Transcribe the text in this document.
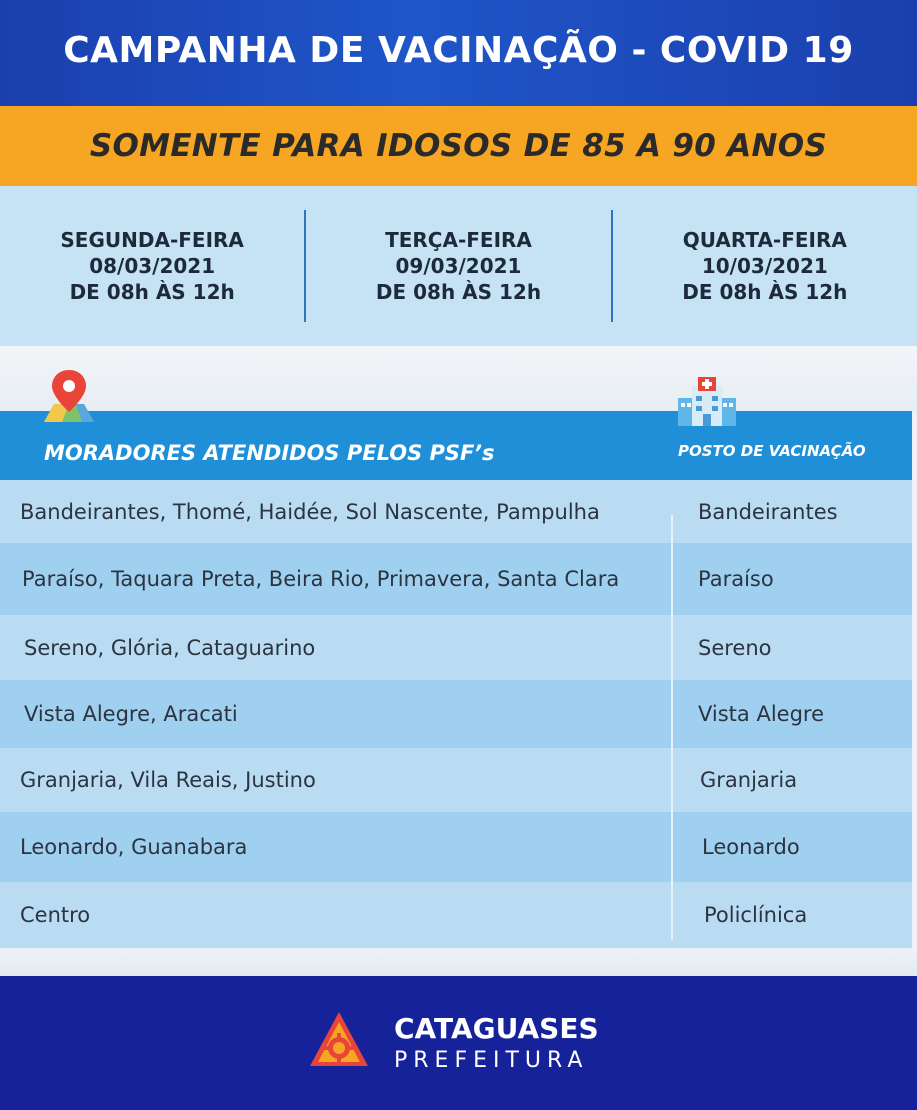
CAMPANHA DE VACINAÇÃO - COVID 19
SOMENTE PARA IDOSOS DE 85 A 90 ANOS
SEGUNDA-FEIRA
08/03/2021
DE 08h ÀS 12h
TERÇA-FEIRA
09/03/2021
DE 08h ÀS 12h
QUARTA-FEIRA
10/03/2021
DE 08h ÀS 12h
MORADORES ATENDIDOS PELOS PSF’s	POSTO DE VACINAÇÃO
Bandeirantes, Thomé, Haidée, Sol Nascente, Pampulha	Bandeirantes
Paraíso, Taquara Preta, Beira Rio, Primavera, Santa Clara	Paraíso
Sereno, Glória, Cataguarino	Sereno
Vista Alegre, Aracati	Vista Alegre
Granjaria, Vila Reais, Justino	Granjaria
Leonardo, Guanabara	Leonardo
Centro	Policlínica
CATAGUASES
PREFEITURA
